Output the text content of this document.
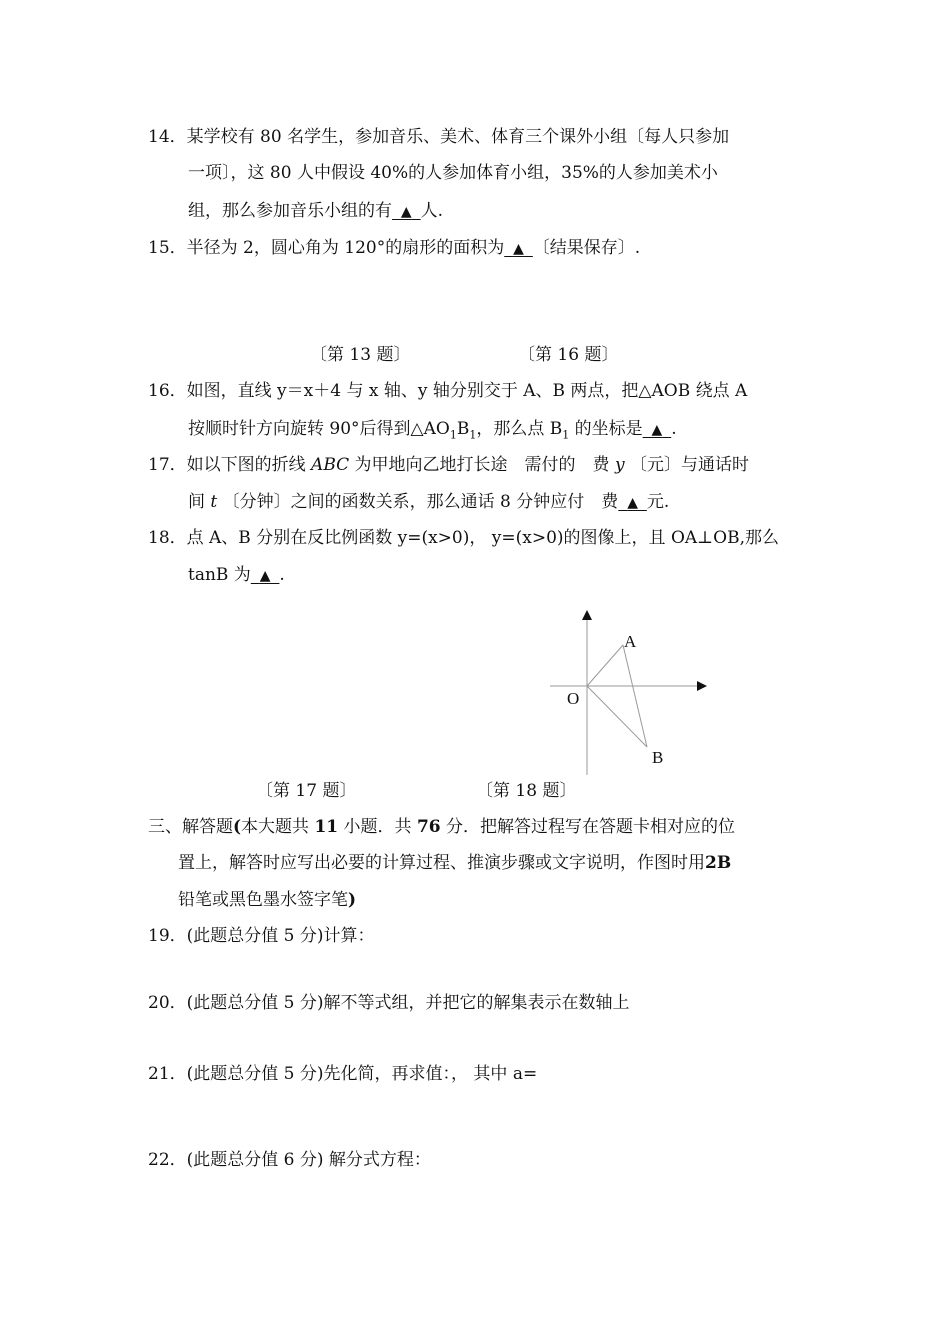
14．某学校有 80 名学生，参加音乐、美术、体育三个课外小组〔每人只参加
一项〕，这 80 人中假设 40%的人参加体育小组，35%的人参加美术小
组，那么参加音乐小组的有 ▲ 人.
15．半径为 2，圆心角为 120°的扇形的面积为 ▲ 〔结果保存〕.
〔第 13 题〕	〔第 16 题〕
16．如图，直线 y＝x＋4 与 x 轴、y 轴分别交于 A、B 两点，把△AOB 绕点 A
按顺时针方向旋转 90°后得到$\triangle AO_1B_1$，那么点 $B_1$ 的坐标是 ▲ .
17．如以下图的折线 ABC 为甲地向乙地打长途　需付的　费 y 〔元〕与通话时
间 t 〔分钟〕之间的函数关系，那么通话 8 分钟应付　费 ▲ 元.
18．点 A、B 分别在反比例函数 y=(x>0)， y=(x>0)的图像上，且 OA⊥OB,那么
tanB 为 ▲ .
A
O
B
〔第 17 题〕	〔第 18 题〕
三、解答题(本大题共 11 小题．共 76 分．把解答过程写在答题卡相对应的位
置上，解答时应写出必要的计算过程、推演步骤或文字说明，作图时用2B
铅笔或黑色墨水签字笔)
19．(此题总分值 5 分)计算：
20．(此题总分值 5 分)解不等式组，并把它的解集表示在数轴上
21．(此题总分值 5 分)先化简，再求值：， 其中 a=
22．(此题总分值 6 分) 解分式方程：
